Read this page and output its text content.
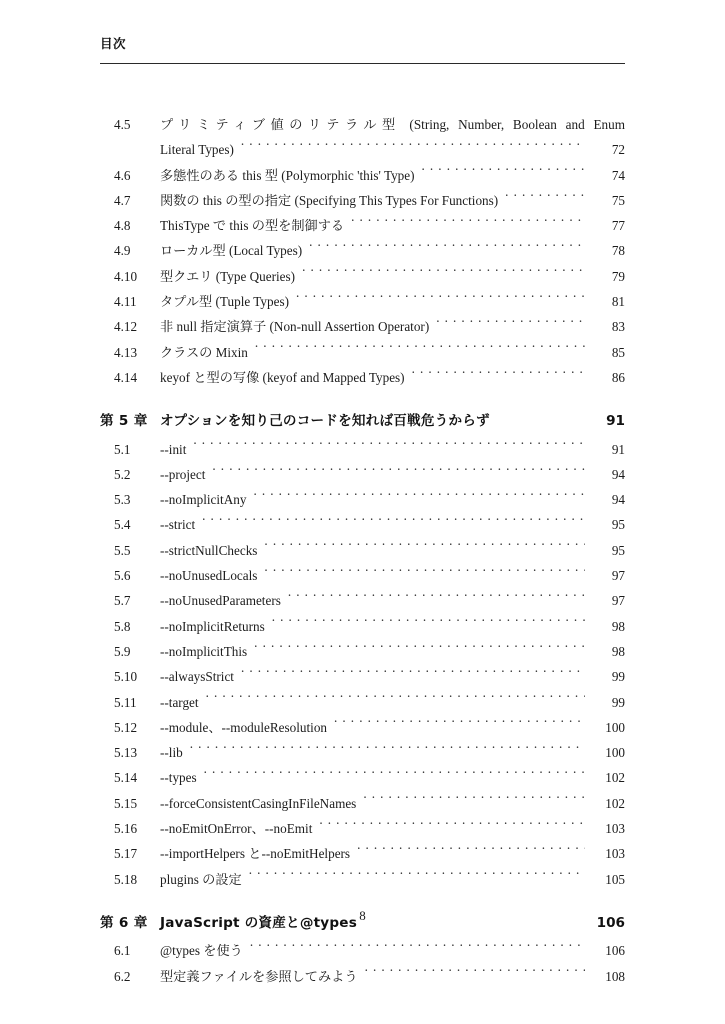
目次
4.5	プリミティブ値のリテラル型 (String, Number, Boolean and Enum
Literal Types) . . .	72
4.6	多態性のある this 型 (Polymorphic 'this' Type) . . .	74
4.7	関数の this の型の指定 (Specifying This Types For Functions) . . .	75
4.8	ThisType で this の型を制御する . . .	77
4.9	ローカル型 (Local Types) . . .	78
4.10	型クエリ (Type Queries) . . .	79
4.11	タプル型 (Tuple Types) . . .	81
4.12	非 null 指定演算子 (Non-null Assertion Operator) . . .	83
4.13	クラスの Mixin . . .	85
4.14	keyof と型の写像 (keyof and Mapped Types) . . .	86
第 5 章 オプションを知り己のコードを知れば百戦危うからず	91
5.1	--init . . .	91
5.2	--project . . .	94
5.3	--noImplicitAny . . .	94
5.4	--strict . . .	95
5.5	--strictNullChecks . . .	95
5.6	--noUnusedLocals . . .	97
5.7	--noUnusedParameters . . .	97
5.8	--noImplicitReturns . . .	98
5.9	--noImplicitThis . . .	98
5.10	--alwaysStrict . . .	99
5.11	--target . . .	99
5.12	--module、--moduleResolution . . .	100
5.13	--lib . . .	100
5.14	--types . . .	102
5.15	--forceConsistentCasingInFileNames . . .	102
5.16	--noEmitOnError、--noEmit . . .	103
5.17	--importHelpers と--noEmitHelpers . . .	103
5.18	plugins の設定 . . .	105
第 6 章 JavaScript の資産と@types	106
6.1	@types を使う . . .	106
6.2	型定義ファイルを参照してみよう . . .	108
8
